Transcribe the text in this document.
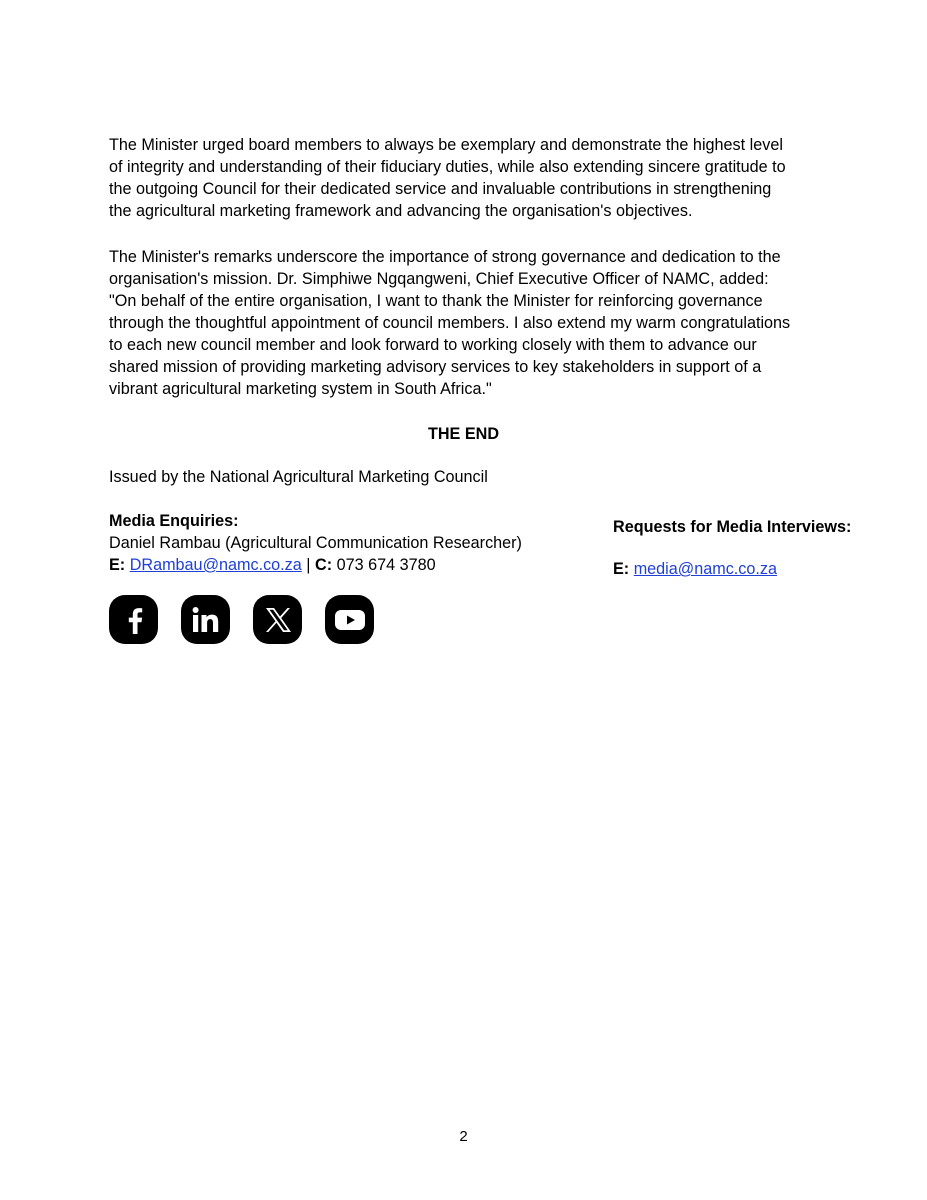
The Minister urged board members to always be exemplary and demonstrate the highest level
of integrity and understanding of their fiduciary duties, while also extending sincere gratitude to
the outgoing Council for their dedicated service and invaluable contributions in strengthening
the agricultural marketing framework and advancing the organisation's objectives.

The Minister's remarks underscore the importance of strong governance and dedication to the
organisation's mission. Dr. Simphiwe Ngqangweni, Chief Executive Officer of NAMC, added:
"On behalf of the entire organisation, I want to thank the Minister for reinforcing governance
through the thoughtful appointment of council members. I also extend my warm congratulations
to each new council member and look forward to working closely with them to advance our
shared mission of providing marketing advisory services to key stakeholders in support of a
vibrant agricultural marketing system in South Africa."

THE END
Issued by the National Agricultural Marketing Council
Media Enquiries:
Daniel Rambau (Agricultural Communication Researcher)
E: DRambau@namc.co.za | C: 073 674 3780
Requests for Media Interviews:
E: media@namc.co.za
2
